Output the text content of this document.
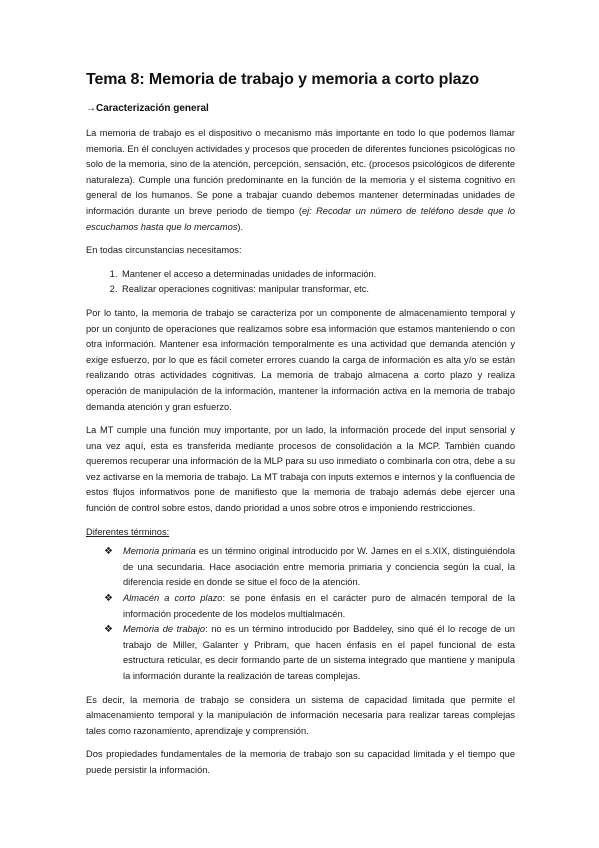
Tema 8: Memoria de trabajo y memoria a corto plazo
→Caracterización general

La memoria de trabajo es el dispositivo o mecanismo más importante en todo lo que podemos llamar memoria. En él concluyen actividades y procesos que proceden de diferentes funciones psicológicas no solo de la memoria, sino de la atención, percepción, sensación, etc. (procesos psicológicos de diferente naturaleza). Cumple una función predominante en la función de la memoria y el sistema cognitivo en general de los humanos. Se pone a trabajar cuando debemos mantener determinadas unidades de información durante un breve periodo de tiempo (ej: Recodar un número de teléfono desde que lo escuchamos hasta que lo mercamos).

En todas circunstancias necesitamos:

1. Mantener el acceso a determinadas unidades de información.
2. Realizar operaciones cognitivas: manipular transformar, etc.

Por lo tanto, la memoria de trabajo se caracteriza por un componente de almacenamiento temporal y por un conjunto de operaciones que realizamos sobre esa información que estamos manteniendo o con otra información. Mantener esa información temporalmente es una actividad que demanda atención y exige esfuerzo, por lo que es fácil cometer errores cuando la carga de información es alta y/o se están realizando otras actividades cognitivas. La memoria de trabajo almacena a corto plazo y realiza operación de manipulación de la información, mantener la información activa en la memoria de trabajo demanda atención y gran esfuerzo.

La MT cumple una función muy importante, por un lado, la información procede del input sensorial y una vez aquí, esta es transferida mediante procesos de consolidación a la MCP. También cuando queremos recuperar una información de la MLP para su uso inmediato o combinarla con otra, debe a su vez activarse en la memoria de trabajo. La MT trabaja con inputs externos e internos y la confluencia de estos flujos informativos pone de manifiesto que la memoria de trabajo además debe ejercer una función de control sobre estos, dando prioridad a unos sobre otros e imponiendo restricciones.

Diferentes términos:

❖ Memoria primaria es un término original introducido por W. James en el s.XIX, distinguiéndola de una secundaria. Hace asociación entre memoria primaria y conciencia según la cual, la diferencia reside en donde se situe el foco de la atención.
❖ Almacén a corto plazo: se pone énfasis en el carácter puro de almacén temporal de la información procedente de los modelos multialmacén.
❖ Memoria de trabajo: no es un término introducido por Baddeley, sino qué él lo recoge de un trabajo de Miller, Galanter y Pribram, que hacen énfasis en el papel funcional de esta estructura reticular, es decir formando parte de un sistema integrado que mantiene y manipula la información durante la realización de tareas complejas.

Es decir, la memoria de trabajo se considera un sistema de capacidad limitada que permite el almacenamiento temporal y la manipulación de información necesaria para realizar tareas complejas tales como razonamiento, aprendizaje y comprensión.

Dos propiedades fundamentales de la memoria de trabajo son su capacidad limitada y el tiempo que puede persistir la información.
